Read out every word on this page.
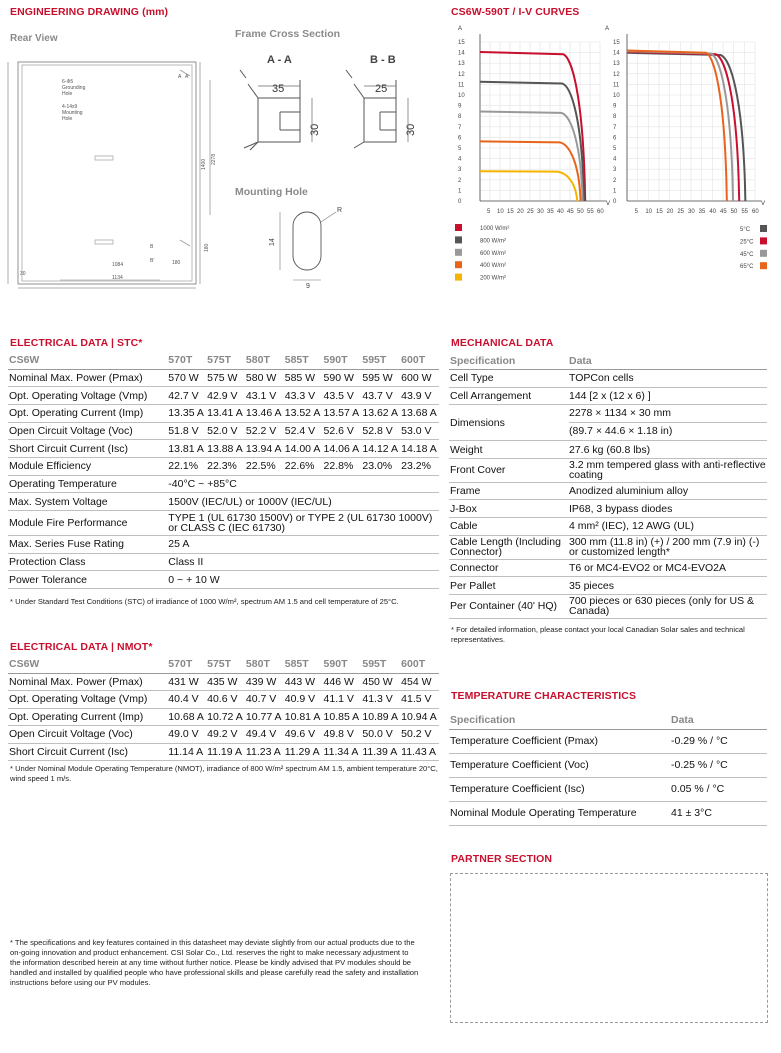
ENGINEERING DRAWING (mm)
Rear View	Frame Cross Section
A - A	B - B
Mounting Hole
6-Φ5
Grounding
Hole
4-14x9
Mounting
Hole
1400 2278
1084
1134
180
180
30
A A
B
B'
35
30
25
30
14
9
R
CS6W-590T / I-V CURVES
A
V
15
14
13
12
11
10
9
8
7
6
5
4
3
2
1
0
5 10 15 20 25 30 35 40 45 50 55 60
A
V
15
14
13
12
11
10
9
8
7
6
5
4
3
2
1
0
5 10 15 20 25 30 35 40 45 50 55 60
1000 W/m²
800 W/m²
600 W/m²
400 W/m²
200 W/m²
5°C
25°C
45°C
65°C
ELECTRICAL DATA | STC*
CS6W	570T	575T	580T	585T	590T	595T	600T
Nominal Max. Power (Pmax)	570 W	575 W	580 W	585 W	590 W	595 W	600 W
Opt. Operating Voltage (Vmp)	42.7 V	42.9 V	43.1 V	43.3 V	43.5 V	43.7 V	43.9 V
Opt. Operating Current (Imp)	13.35 A	13.41 A	13.46 A	13.52 A	13.57 A	13.62 A	13.68 A
Open Circuit Voltage (Voc)	51.8 V	52.0 V	52.2 V	52.4 V	52.6 V	52.8 V	53.0 V
Short Circuit Current (Isc)	13.81 A	13.88 A	13.94 A	14.00 A	14.06 A	14.12 A	14.18 A
Module Efficiency	22.1%	22.3%	22.5%	22.6%	22.8%	23.0%	23.2%
Operating Temperature	-40°C ~ +85°C						
Max. System Voltage	1500V (IEC/UL) or 1000V (IEC/UL)						
Module Fire Performance	TYPE 1 (UL 61730 1500V) or TYPE 2 (UL 61730 1000V) or CLASS C (IEC 61730)						
Max. Series Fuse Rating	25 A						
Protection Class	Class II						
Power Tolerance	0 ~ + 10 W						
* Under Standard Test Conditions (STC) of irradiance of 1000 W/m², spectrum AM 1.5 and cell temperature of 25°C.
ELECTRICAL DATA | NMOT*
CS6W	570T	575T	580T	585T	590T	595T	600T
Nominal Max. Power (Pmax)	431 W	435 W	439 W	443 W	446 W	450 W	454 W
Opt. Operating Voltage (Vmp)	40.4 V	40.6 V	40.7 V	40.9 V	41.1 V	41.3 V	41.5 V
Opt. Operating Current (Imp)	10.68 A	10.72 A	10.77 A	10.81 A	10.85 A	10.89 A	10.94 A
Open Circuit Voltage (Voc)	49.0 V	49.2 V	49.4 V	49.6 V	49.8 V	50.0 V	50.2 V
Short Circuit Current (Isc)	11.14 A	11.19 A	11.23 A	11.29 A	11.34 A	11.39 A	11.43 A
* Under Nominal Module Operating Temperature (NMOT), irradiance of 800 W/m² spectrum AM 1.5, ambient temperature 20°C, wind speed 1 m/s.
MECHANICAL DATA
Specification	Data
Cell Type	TOPCon cells
Cell Arrangement	144 [2 x (12 x 6) ]
Dimensions	2278 × 1134 × 30 mm
(89.7 × 44.6 × 1.18 in)

Weight	27.6 kg (60.8 lbs)
Front Cover	3.2 mm tempered glass with anti-reflective coating
Frame	Anodized aluminium alloy
J-Box	IP68, 3 bypass diodes
Cable	4 mm² (IEC), 12 AWG (UL)
Cable Length (Including Connector)	300 mm (11.8 in) (+) / 200 mm (7.9 in) (-) or customized length*
Connector	T6 or MC4-EVO2 or MC4-EVO2A
Per Pallet	35 pieces
Per Container (40' HQ)	700 pieces or 630 pieces (only for US & Canada)
* For detailed information, please contact your local Canadian Solar sales and technical representatives.
TEMPERATURE CHARACTERISTICS
Specification	Data
Temperature Coefficient (Pmax)	-0.29 % / °C
Temperature Coefficient (Voc)	-0.25 % / °C
Temperature Coefficient (Isc)	0.05 % / °C
Nominal Module Operating Temperature	41 ± 3°C
PARTNER SECTION
* The specifications and key features contained in this datasheet may deviate slightly from our actual products due to the on-going innovation and product enhancement. CSI Solar Co., Ltd. reserves the right to make necessary adjustment to the information described herein at any time without further notice. Please be kindly advised that PV modules should be handled and installed by qualified people who have professional skills and please carefully read the safety and installation instructions before using our PV modules.
